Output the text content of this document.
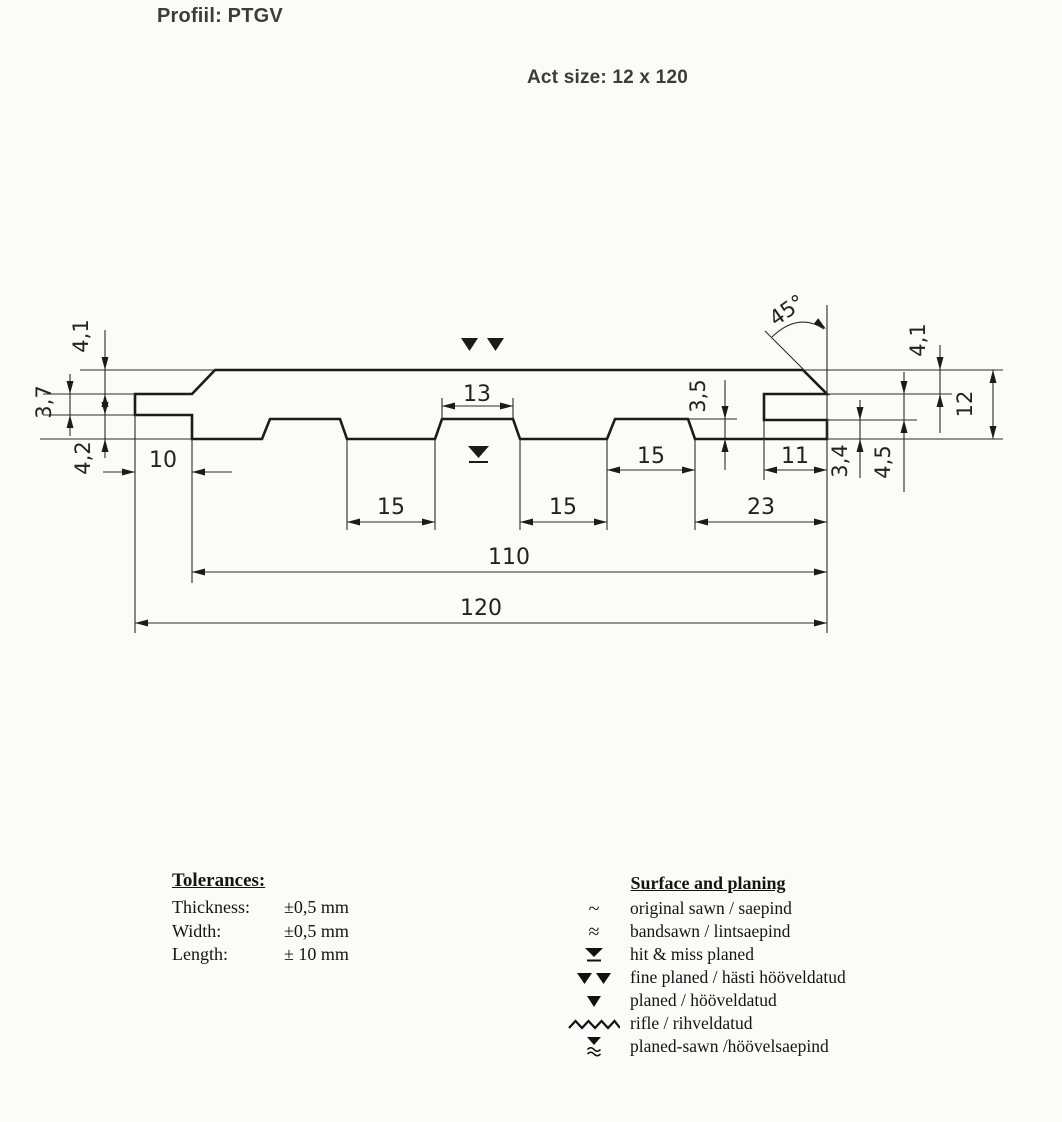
Profiil: PTGV
Act size: 12 x 120
10
13
15	15
15	11
23
110
120
4,1
3,7
4,2
3,5
3,4 4,5
4,1
12
45°
Tolerances:
Thickness:	±0,5 mm
Width:	±0,5 mm
Length:	± 10 mm
Surface and planing
~ original sawn / saepind
≈ bandsawn / lintsaepind
hit & miss planed
fine planed / hästi hööveldatud
planed / hööveldatud
rifle / rihveldatud
planed-sawn /höövelsaepind
